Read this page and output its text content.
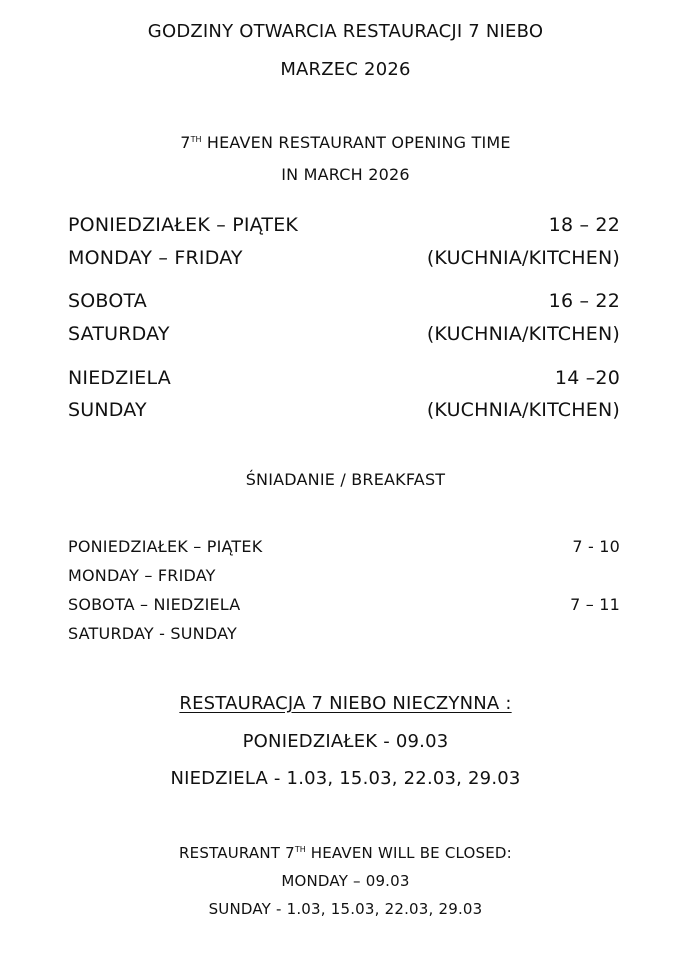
GODZINY OTWARCIA RESTAURACJI 7 NIEBO
MARZEC 2026
7TH HEAVEN RESTAURANT OPENING TIME
IN MARCH 2026
PONIEDZIAŁEK – PIĄTEK	18 – 22
MONDAY – FRIDAY	(KUCHNIA/KITCHEN)
SOBOTA	16 – 22
SATURDAY	(KUCHNIA/KITCHEN)
NIEDZIELA	14 –20
SUNDAY	(KUCHNIA/KITCHEN)
ŚNIADANIE / BREAKFAST
PONIEDZIAŁEK – PIĄTEK	7 - 10
MONDAY – FRIDAY
SOBOTA – NIEDZIELA	7 – 11
SATURDAY - SUNDAY
RESTAURACJA 7 NIEBO NIECZYNNA :
PONIEDZIAŁEK - 09.03
NIEDZIELA - 1.03, 15.03, 22.03, 29.03
RESTAURANT 7TH HEAVEN WILL BE CLOSED:
MONDAY – 09.03
SUNDAY - 1.03, 15.03, 22.03, 29.03
